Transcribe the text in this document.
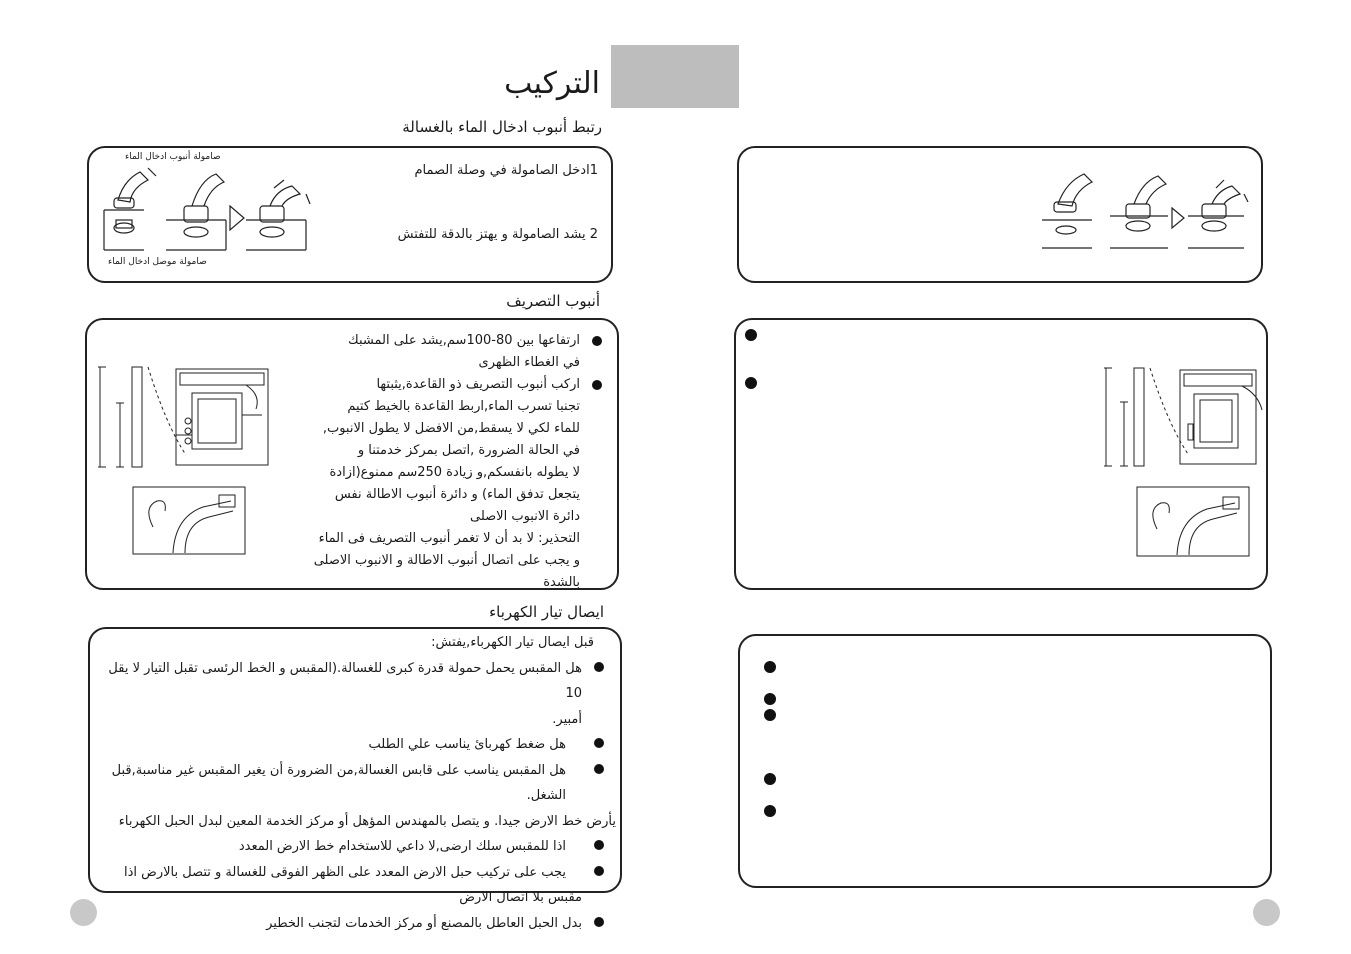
التركيب
رتبط أنبوب ادخال الماء بالغسالة
1ادخل الصامولة في وصلة الصمام
2 يشد الصامولة و يهتز بالدقة للتفتش
صامولة أنبوب ادخال الماء
صامولة موصل ادخال الماء
أنبوب التصريف
ارتفاعها بين 80-100سم,يشد على المشبك
في الغطاء الظهرى
اركب أنبوب التصريف ذو القاعدة,يثبتها
تجنبا تسرب الماء,اربط القاعدة بالخيط كتيم
للماء لكي لا يسقط,من الافضل لا يطول الانبوب,
في الحالة الضرورة ,اتصل بمركز خدمتنا و
لا يطوله بانفسكم,و زيادة 250سم ممنوع(ازادة
يتجعل تدفق الماء) و دائرة أنبوب الاطالة نفس
دائرة الانبوب الاصلى
التحذير: لا بد أن لا تغمر أنبوب التصريف فى الماء
و يجب على اتصال أنبوب الاطالة و الانبوب الاصلى
بالشدة
ايصال تيار الكهرباء
قبل ايصال تيار الكهرباء,يفتش:
هل المقبس يحمل حمولة قدرة كبرى للغسالة.(المقبس و الخط الرئسى تقبل التيار لا يقل 10
أمبير.
هل ضغط كهربائ يناسب علي الطلب
هل المقبس يناسب على قابس الغسالة,من الضرورة أن يغير المقبس غير مناسبة,قبل الشغل.
يأرض خط الارض جيدا. و يتصل بالمهندس المؤهل أو مركز الخدمة المعين لبدل الحبل الكهرباء
اذا للمقبس سلك ارضى,لا داعي للاستخدام خط الارض المعدد
يجب على تركيب حبل الارض المعدد على الظهر الفوقى للغسالة و تتصل بالارض اذا
مقبس بلا اتصال الارض
بدل الحبل العاطل بالمصنع أو مركز الخدمات لتجنب الخطير
